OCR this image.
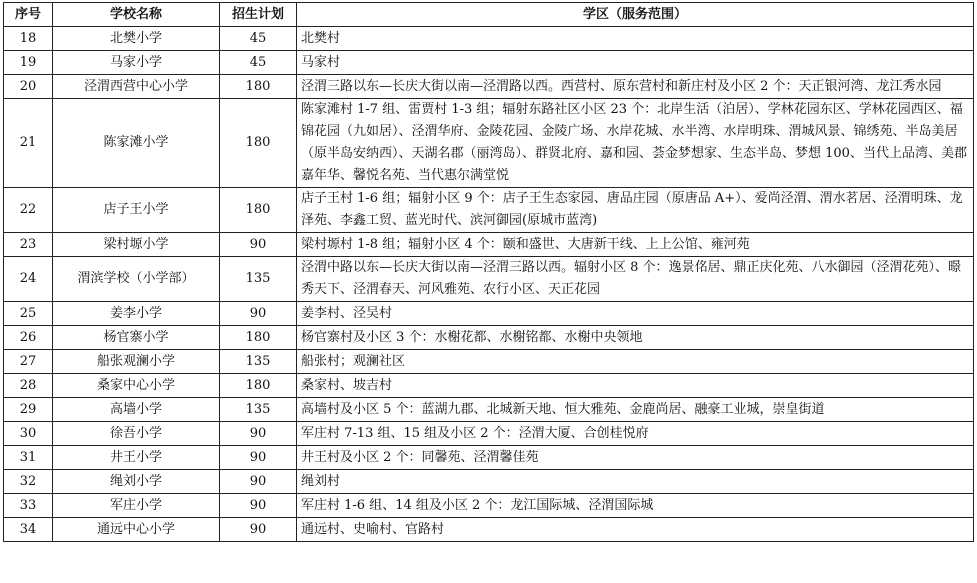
序号	学校名称	招生计划	学区（服务范围）
18	北樊小学	45	北樊村
19	马家小学	45	马家村
20	泾渭西营中心小学	180	泾渭三路以东—长庆大街以南—泾渭路以西。西营村、原东营村和新庄村及小区 2 个：天正银河湾、龙江秀水园
21	陈家滩小学	180	陈家滩村 1-7 组、雷贾村 1-3 组；辐射东路社区小区 23 个：北岸生活（泊居）、学林花园东区、学林花园西区、福锦花园（九如居）、泾渭华府、金陵花园、金陵广场、水岸花城、水半湾、水岸明珠、渭城风景、锦绣苑、半岛美居（原半岛安纳西）、天湖名郡（丽湾岛）、群贤北府、嘉和园、荟金梦想家、生态半岛、梦想 100、当代上品湾、美郡嘉年华、馨悦名苑、当代惠尔满堂悦
22	店子王小学	180	店子王村 1-6 组；辐射小区 9 个：店子王生态家园、唐品庄园（原唐品 A+）、爱尚泾渭、渭水茗居、泾渭明珠、龙泽苑、李鑫工贸、蓝光时代、滨河御园(原城市蓝湾)
23	梁村塬小学	90	梁村塬村 1-8 组；辐射小区 4 个：颐和盛世、大唐新干线、上上公馆、雍河苑
24	渭滨学校（小学部）	135	泾渭中路以东—长庆大街以南—泾渭三路以西。辐射小区 8 个：逸景佲居、鼎正庆化苑、八水御园（泾渭花苑）、暻秀天下、泾渭春天、河风雅苑、农行小区、天正花园
25	姜李小学	90	姜李村、泾吴村
26	杨官寨小学	180	杨官寨村及小区 3 个：水榭花都、水榭铭都、水榭中央领地
27	船张观澜小学	135	船张村；观澜社区
28	桑家中心小学	180	桑家村、坡吉村
29	高墙小学	135	高墙村及小区 5 个：蓝湖九郡、北城新天地、恒大雅苑、金鹿尚居、融豪工业城，崇皇街道
30	徐吾小学	90	军庄村 7-13 组、15 组及小区 2 个：泾渭大厦、合创桂悦府
31	井王小学	90	井王村及小区 2 个：同馨苑、泾渭馨佳苑
32	绳刘小学	90	绳刘村
33	军庄小学	90	军庄村 1-6 组、14 组及小区 2 个：龙江国际城、泾渭国际城
34	通远中心小学	90	通远村、史喻村、官路村
